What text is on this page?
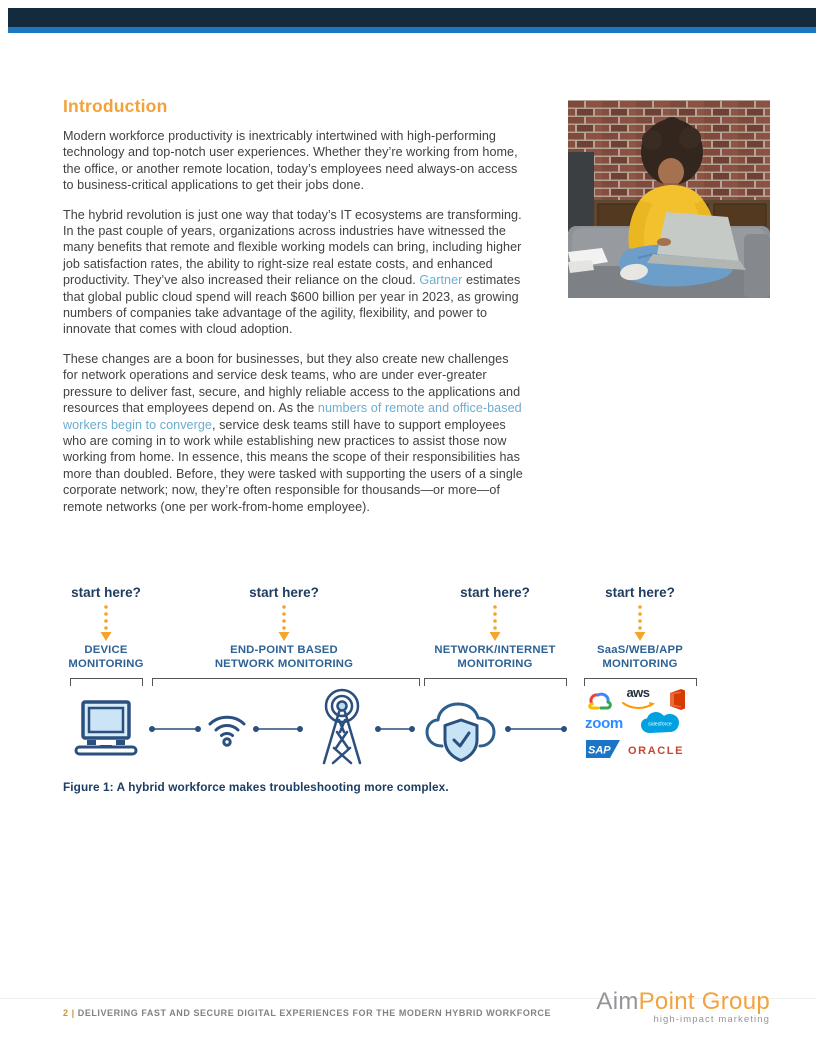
Introduction

Modern workforce productivity is inextricably intertwined with high-performing technology and top-notch user experiences. Whether they’re working from home, the office, or another remote location, today’s employees need always-on access to business-critical applications to get their jobs done.

The hybrid revolution is just one way that today’s IT ecosystems are transforming. In the past couple of years, organizations across industries have witnessed the many benefits that remote and flexible working models can bring, including higher job satisfaction rates, the ability to right-size real estate costs, and enhanced productivity. They’ve also increased their reliance on the cloud. Gartner estimates that global public cloud spend will reach $600 billion per year in 2023, as growing numbers of companies take advantage of the agility, flexibility, and power to innovate that comes with cloud adoption.

These changes are a boon for businesses, but they also create new challenges for network operations and service desk teams, who are under ever-greater pressure to deliver fast, secure, and highly reliable access to the applications and resources that employees depend on. As the numbers of remote and office-based workers begin to converge, service desk teams still have to support employees who are coming in to work while establishing new practices to assist those now working from home. In essence, this means the scope of their responsibilities has more than doubled. Before, they were tasked with supporting the users of a single corporate network; now, they’re often responsible for thousands—or more—of remote networks (one per work-from-home employee).

start here?	start here?	start here?	start here?
DEVICE
MONITORING
END-POINT BASED
NETWORK MONITORING
NETWORK/INTERNET
MONITORING
SaaS/WEB/APP
MONITORING
aws
zoom	salesforce
SAP ORACLE
Figure 1: A hybrid workforce makes troubleshooting more complex.
2 | DELIVERING FAST AND SECURE DIGITAL EXPERIENCES FOR THE MODERN HYBRID WORKFORCE AimPoint Group
high-impact marketing
